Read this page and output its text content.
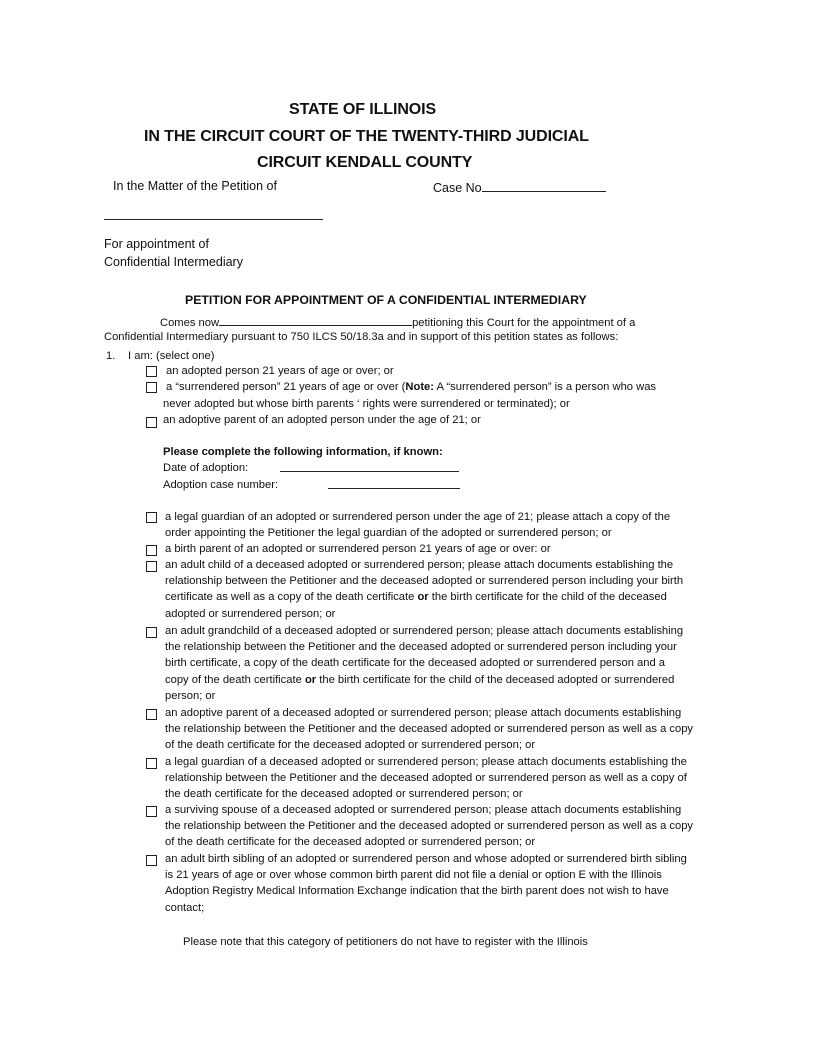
STATE OF ILLINOIS
IN THE CIRCUIT COURT OF THE TWENTY-THIRD JUDICIAL
CIRCUIT KENDALL COUNTY
In the Matter of the Petition of	Case No
For appointment of
Confidential Intermediary
PETITION FOR APPOINTMENT OF A CONFIDENTIAL INTERMEDIARY
Comes now	petitioning this Court for the appointment of a
Confidential Intermediary pursuant to 750 ILCS 50/18.3a and in support of this petition states as follows:
1. I am: (select one)
an adopted person 21 years of age or over; or
a “surrendered person” 21 years of age or over (Note: A “surrendered person” is a person who was
never adopted but whose birth parents ‘ rights were surrendered or terminated); or
an adoptive parent of an adopted person under the age of 21; or
Please complete the following information, if known:
Date of adoption:
Adoption case number:

a legal guardian of an adopted or surrendered person under the age of 21; please attach a copy of the

order appointing the Petitioner the legal guardian of the adopted or surrendered person; or

a birth parent of an adopted or surrendered person 21 years of age or over: or

an adult child of a deceased adopted or surrendered person; please attach documents establishing the

relationship between the Petitioner and the deceased adopted or surrendered person including your birth

certificate as well as a copy of the death certificate or the birth certificate for the child of the deceased

adopted or surrendered person; or

an adult grandchild of a deceased adopted or surrendered person; please attach documents establishing

the relationship between the Petitioner and the deceased adopted or surrendered person including your

birth certificate, a copy of the death certificate for the deceased adopted or surrendered person and a

copy of the death certificate or the birth certificate for the child of the deceased adopted or surrendered

person; or

an adoptive parent of a deceased adopted or surrendered person; please attach documents establishing

the relationship between the Petitioner and the deceased adopted or surrendered person as well as a copy

of the death certificate for the deceased adopted or surrendered person; or

a legal guardian of a deceased adopted or surrendered person; please attach documents establishing the

relationship between the Petitioner and the deceased adopted or surrendered person as well as a copy of

the death certificate for the deceased adopted or surrendered person; or

a surviving spouse of a deceased adopted or surrendered person; please attach documents establishing

the relationship between the Petitioner and the deceased adopted or surrendered person as well as a copy

of the death certificate for the deceased adopted or surrendered person; or

an adult birth sibling of an adopted or surrendered person and whose adopted or surrendered birth sibling

is 21 years of age or over whose common birth parent did not file a denial or option E with the Illinois

Adoption Registry Medical Information Exchange indication that the birth parent does not wish to have

contact;

Please note that this category of petitioners do not have to register with the Illinois
